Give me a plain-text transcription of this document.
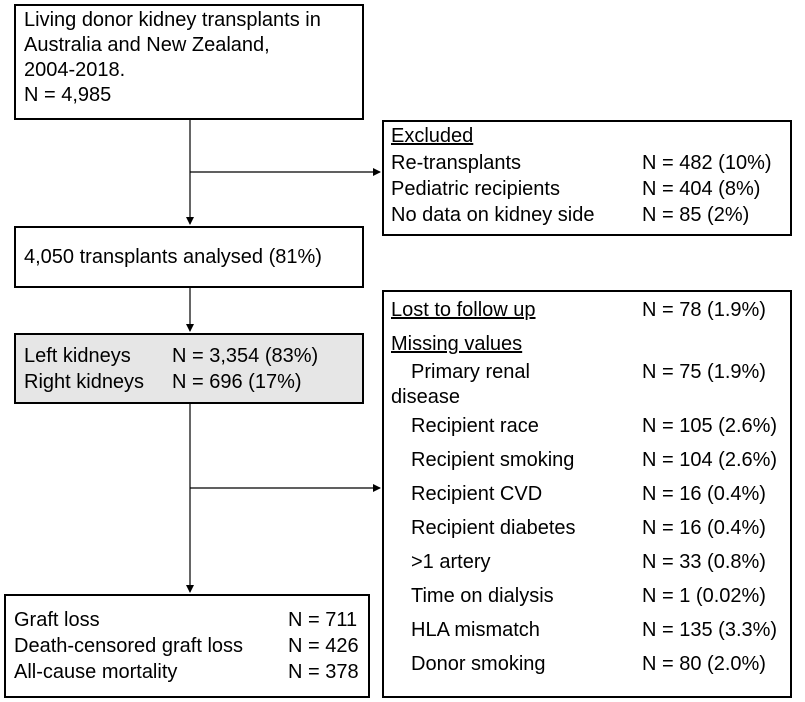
Living donor kidney transplants in
Australia and New Zealand,
2004-2018.
N = 4,985
Excluded
Re-transplants	N = 482 (10%)
Pediatric recipients	N = 404 (8%)
No data on kidney side N = 85 (2%)
4,050 transplants analysed (81%)
Left kidneys N = 3,354 (83%)
Right kidneys N = 696 (17%)
Lost to follow up	N = 78 (1.9%)
Missing values
Primary renal
disease
N = 75 (1.9%)
Recipient race	N = 105 (2.6%)
Recipient smoking	N = 104 (2.6%)
Recipient CVD	N = 16 (0.4%)
Recipient diabetes	N = 16 (0.4%)
>1 artery	N = 33 (0.8%)
Time on dialysis	N = 1 (0.02%)
HLA mismatch	N = 135 (3.3%)
Donor smoking	N = 80 (2.0%)
Graft loss	N = 711
Death-censored graft loss N = 426
All-cause mortality	N = 378
